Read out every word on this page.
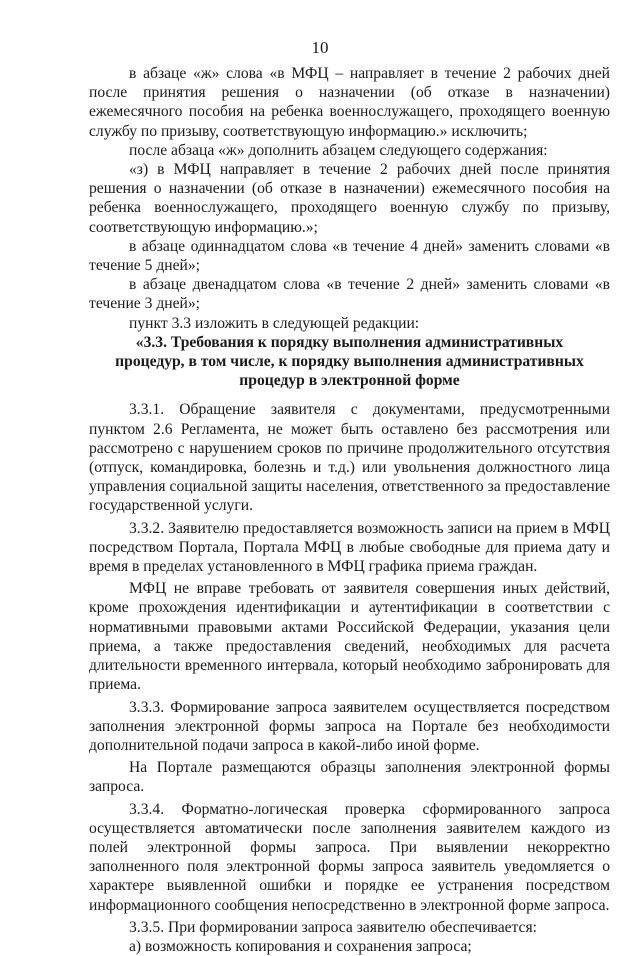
10

в абзаце «ж» слова «в МФЦ – направляет в течение 2 рабочих дней после принятия решения о назначении (об отказе в назначении) ежемесячного пособия на ребенка военнослужащего, проходящего военную службу по призыву, соответствующую информацию.» исключить;

после абзаца «ж» дополнить абзацем следующего содержания:

«з) в МФЦ направляет в течение 2 рабочих дней после принятия решения о назначении (об отказе в назначении) ежемесячного пособия на ребенка военнослужащего, проходящего военную службу по призыву, соответствующую информацию.»;

в абзаце одиннадцатом слова «в течение 4 дней» заменить словами «в течение 5 дней»;

в абзаце двенадцатом слова «в течение 2 дней» заменить словами «в течение 3 дней»;

пункт 3.3 изложить в следующей редакции:

«3.3. Требования к порядку выполнения административных процедур, в том числе, к порядку выполнения административных процедур в электронной форме

3.3.1. Обращение заявителя с документами, предусмотренными пунктом 2.6 Регламента, не может быть оставлено без рассмотрения или рассмотрено с нарушением сроков по причине продолжительного отсутствия (отпуск, командировка, болезнь и т.д.) или увольнения должностного лица управления социальной защиты населения, ответственного за предоставление государственной услуги.

3.3.2. Заявителю предоставляется возможность записи на прием в МФЦ посредством Портала, Портала МФЦ в любые свободные для приема дату и время в пределах установленного в МФЦ графика приема граждан.

МФЦ не вправе требовать от заявителя совершения иных действий, кроме прохождения идентификации и аутентификации в соответствии с нормативными правовыми актами Российской Федерации, указания цели приема, а также предоставления сведений, необходимых для расчета длительности временного интервала, который необходимо забронировать для приема.

3.3.3. Формирование запроса заявителем осуществляется посредством заполнения электронной формы запроса на Портале без необходимости дополнительной подачи запроса в какой-либо иной форме.

На Портале размещаются образцы заполнения электронной формы запроса.

3.3.4. Форматно-логическая проверка сформированного запроса осуществляется автоматически после заполнения заявителем каждого из полей электронной формы запроса. При выявлении некорректно заполненного поля электронной формы запроса заявитель уведомляется о характере выявленной ошибки и порядке ее устранения посредством информационного сообщения непосредственно в электронной форме запроса.

3.3.5. При формировании запроса заявителю обеспечивается:

а) возможность копирования и сохранения запроса;
